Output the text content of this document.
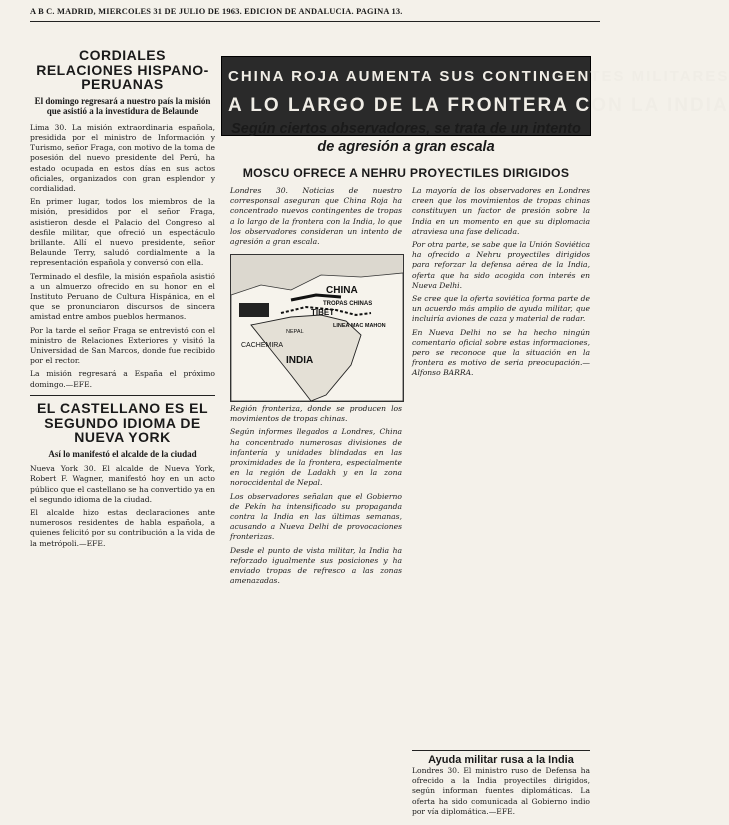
A B C. MADRID, MIERCOLES 31 DE JULIO DE 1963. EDICION DE ANDALUCIA. PAGINA 13.
CORDIALES RELACIONES HISPANO-PERUANAS
El domingo regresará a nuestro país la misión que asistió a la investidura de Belaunde

Lima 30. La misión extraordinaria española, presidida por el ministro de Información y Turismo, señor Fraga, con motivo de la toma de posesión del nuevo presidente del Perú, ha estado ocupada en estos días en sus actos oficiales, organizados con gran esplendor y cordialidad.

En primer lugar, todos los miembros de la misión, presididos por el señor Fraga, asistieron desde el Palacio del Congreso al desfile militar, que ofreció un espectáculo brillante. Allí el nuevo presidente, señor Belaunde Terry, saludó cordialmente a la representación española y conversó con ella.

Terminado el desfile, la misión española asistió a un almuerzo ofrecido en su honor en el Instituto Peruano de Cultura Hispánica, en el que se pronunciaron discursos de sincera amistad entre ambos pueblos hermanos.

Por la tarde el señor Fraga se entrevistó con el ministro de Relaciones Exteriores y visitó la Universidad de San Marcos, donde fue recibido por el rector.

La misión regresará a España el próximo domingo.—EFE.

EL CASTELLANO ES EL SEGUNDO IDIOMA DE NUEVA YORK
Así lo manifestó el alcalde de la ciudad

Nueva York 30. El alcalde de Nueva York, Robert F. Wagner, manifestó hoy en un acto público que el castellano se ha convertido ya en el segundo idioma de la ciudad.

El alcalde hizo estas declaraciones ante numerosos residentes de habla española, a quienes felicitó por su contribución a la vida de la metrópoli.—EFE.

CHINA ROJA AUMENTA SUS CONTINGENTES MILITARES
A LO LARGO DE LA FRONTERA CON LA INDIA
Según ciertos observadores, se trata de un intento de agresión a gran escala
MOSCU OFRECE A NEHRU PROYECTILES DIRIGIDOS

Londres 30. Noticias de nuestro corresponsal aseguran que China Roja ha concentrado nuevos contingentes de tropas a lo largo de la frontera con la India, lo que los observadores consideran un intento de agresión a gran escala.

CACHEMIRA
CHINA
TIBET
INDIA
TROPAS CHINAS
LINEA MAC MAHON
NEPAL

Región fronteriza, donde se producen los movimientos de tropas chinas.

Según informes llegados a Londres, China ha concentrado numerosas divisiones de infantería y unidades blindadas en las proximidades de la frontera, especialmente en la región de Ladakh y en la zona noroccidental de Nepal.

Los observadores señalan que el Gobierno de Pekín ha intensificado su propaganda contra la India en las últimas semanas, acusando a Nueva Delhi de provocaciones fronterizas.

Desde el punto de vista militar, la India ha reforzado igualmente sus posiciones y ha enviado tropas de refresco a las zonas amenazadas.

La mayoría de los observadores en Londres creen que los movimientos de tropas chinas constituyen un factor de presión sobre la India en un momento en que su diplomacia atraviesa una fase delicada.

Por otra parte, se sabe que la Unión Soviética ha ofrecido a Nehru proyectiles dirigidos para reforzar la defensa aérea de la India, oferta que ha sido acogida con interés en Nueva Delhi.

Se cree que la oferta soviética forma parte de un acuerdo más amplio de ayuda militar, que incluiría aviones de caza y material de radar.

En Nueva Delhi no se ha hecho ningún comentario oficial sobre estas informaciones, pero se reconoce que la situación en la frontera es motivo de seria preocupación.—Alfonso BARRA.

Ayuda militar rusa a la India

Londres 30. El ministro ruso de Defensa ha ofrecido a la India proyectiles dirigidos, según informan fuentes diplomáticas. La oferta ha sido comunicada al Gobierno indio por vía diplomática.—EFE.
